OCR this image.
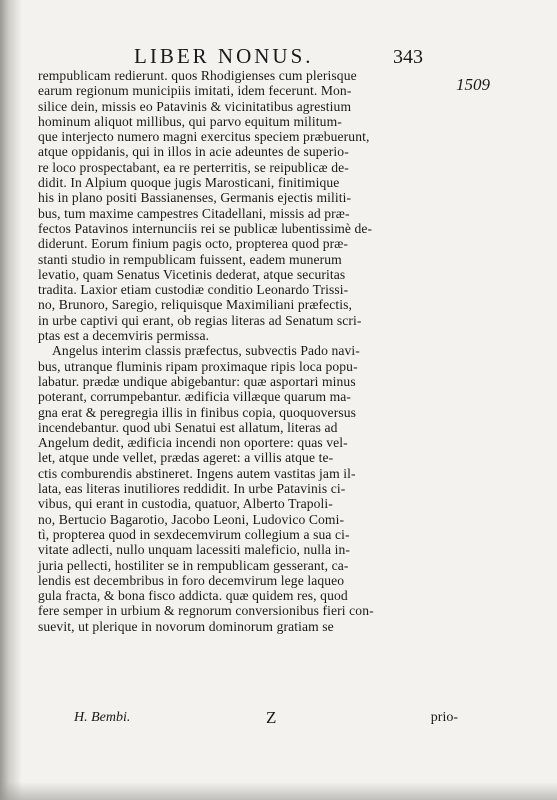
LIBER NONUS.	343
1509
rempublicam redierunt. quos Rhodigienses cum plerisque
earum regionum municipiis imitati, idem fecerunt. Mon-
silice dein, missis eo Patavinis & vicinitatibus agrestium
hominum aliquot millibus, qui parvo equitum militum-
que interjecto numero magni exercitus speciem præbuerunt,
atque oppidanis, qui in illos in acie adeuntes de superio-
re loco prospectabant, ea re perterritis, se reipublicæ de-
didit. In Alpium quoque jugis Marosticani, finitimique
his in plano positi Bassianenses, Germanis ejectis militi-
bus, tum maxime campestres Citadellani, missis ad præ-
fectos Patavinos internunciis rei se publicæ lubentissimè de-
diderunt. Eorum finium pagis octo, propterea quod præ-
stanti studio in rempublicam fuissent, eadem munerum
levatio, quam Senatus Vicetinis dederat, atque securitas
tradita. Laxior etiam custodiæ conditio Leonardo Trissi-
no, Brunoro, Saregio, reliquisque Maximiliani præfectis,
in urbe captivi qui erant, ob regias literas ad Senatum scri-
ptas est a decemviris permissa.
Angelus interim classis præfectus, subvectis Pado navi-
bus, utranque fluminis ripam proximaque ripis loca popu-
labatur. prædæ undique abigebantur: quæ asportari minus
poterant, corrumpebantur. ædificia villæque quarum ma-
gna erat & peregregia illis in finibus copia, quoquoversus
incendebantur. quod ubi Senatui est allatum, literas ad
Angelum dedit, ædificia incendi non oportere: quas vel-
let, atque unde vellet, prædas ageret: a villis atque te-
ctis comburendis abstineret. Ingens autem vastitas jam il-
lata, eas literas inutiliores reddidit. In urbe Patavinis ci-
vibus, qui erant in custodia, quatuor, Alberto Trapoli-
no, Bertucio Bagarotio, Jacobo Leoni, Ludovico Comi-
tì, propterea quod in sexdecemvirum collegium a sua ci-
vitate adlecti, nullo unquam lacessiti maleficio, nulla in-
juria pellecti, hostiliter se in rempublicam gesserant, ca-
lendis est decembribus in foro decemvirum lege laqueo
gula fracta, & bona fisco addicta. quæ quidem res, quod
fere semper in urbium & regnorum conversionibus fieri con-
suevit, ut plerique in novorum dominorum gratiam se
H. Bembi.	Z	prio-
